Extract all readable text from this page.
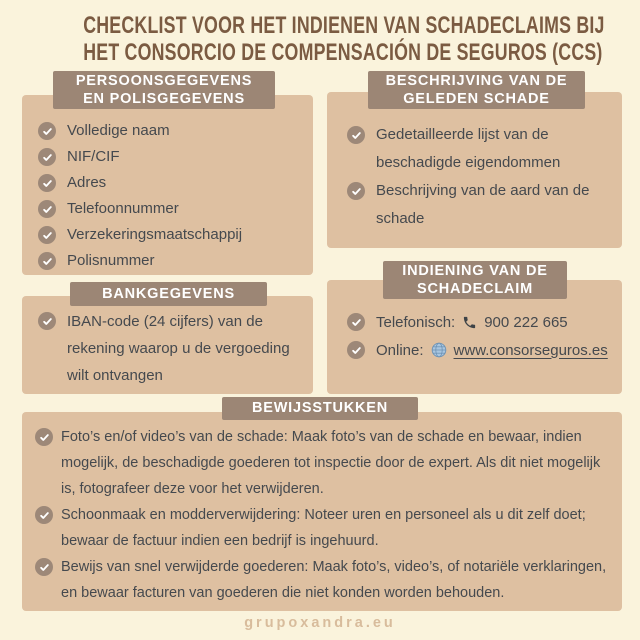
CHECKLIST VOOR HET INDIENEN VAN SCHADECLAIMS BIJ
HET CONSORCIO DE COMPENSACIÓN DE SEGUROS (CCS)
PERSOONSGEGEVENS
EN POLISGEGEVENS
BESCHRIJVING VAN DE
GELEDEN SCHADE
BANKGEGEVENS
INDIENING VAN DE
SCHADECLAIM
BEWIJSSTUKKEN
Volledige naam
NIF/CIF
Adres
Telefoonnummer
Verzekeringsmaatschappij
Polisnummer
Gedetailleerde lijst van de beschadigde eigendommen
Beschrijving van de aard van de schade
IBAN-code (24 cijfers) van de rekening waarop u de vergoeding wilt ontvangen
Telefonisch: 900 222 665
Online: www.consorseguros.es
Foto’s en/of video’s van de schade: Maak foto’s van de schade en bewaar, indien mogelijk, de beschadigde goederen tot inspectie door de expert. Als dit niet mogelijk is, fotografeer deze voor het verwijderen.
Schoonmaak en modderverwijdering: Noteer uren en personeel als u dit zelf doet; bewaar de factuur indien een bedrijf is ingehuurd.
Bewijs van snel verwijderde goederen: Maak foto’s, video’s, of notariële verklaringen, en bewaar facturen van goederen die niet konden worden behouden.
grupoxandra.eu
